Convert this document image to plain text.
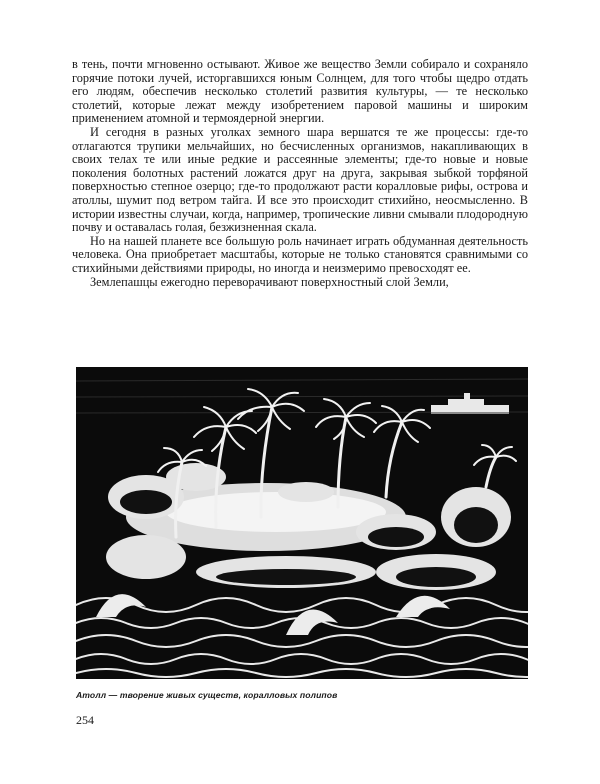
в тень, почти мгновенно остывают. Живое же вещество Земли собирало и сохраняло горячие потоки лучей, исторгавшихся юным Солнцем, для того чтобы щедро отдать его людям, обеспечив несколько столетий развития культуры, — те несколько столетий, которые лежат между изобретением паровой машины и широким применением атомной и термоядерной энергии.

И сегодня в разных уголках земного шара вершатся те же процессы: где-то отлагаются трупики мельчайших, но бесчисленных организмов, накапливающих в своих телах те или иные редкие и рассеянные элементы; где-то новые и новые поколения болотных растений ложатся друг на друга, закрывая зыбкой торфяной поверхностью степное озерцо; где-то продолжают расти коралловые рифы, острова и атоллы, шумит под ветром тайга. И все это происходит стихийно, неосмысленно. В истории известны случаи, когда, например, тропические ливни смывали плодородную почву и оставалась голая, безжизненная скала.

Но на нашей планете все большую роль начинает играть обдуманная деятельность человека. Она приобретает масштабы, которые не только становятся сравнимыми со стихийными действиями природы, но иногда и неизмеримо превосходят ее.

Землепашцы ежегодно переворачивают поверхностный слой Земли,

Атолл — творение живых существ, коралловых полипов
254
